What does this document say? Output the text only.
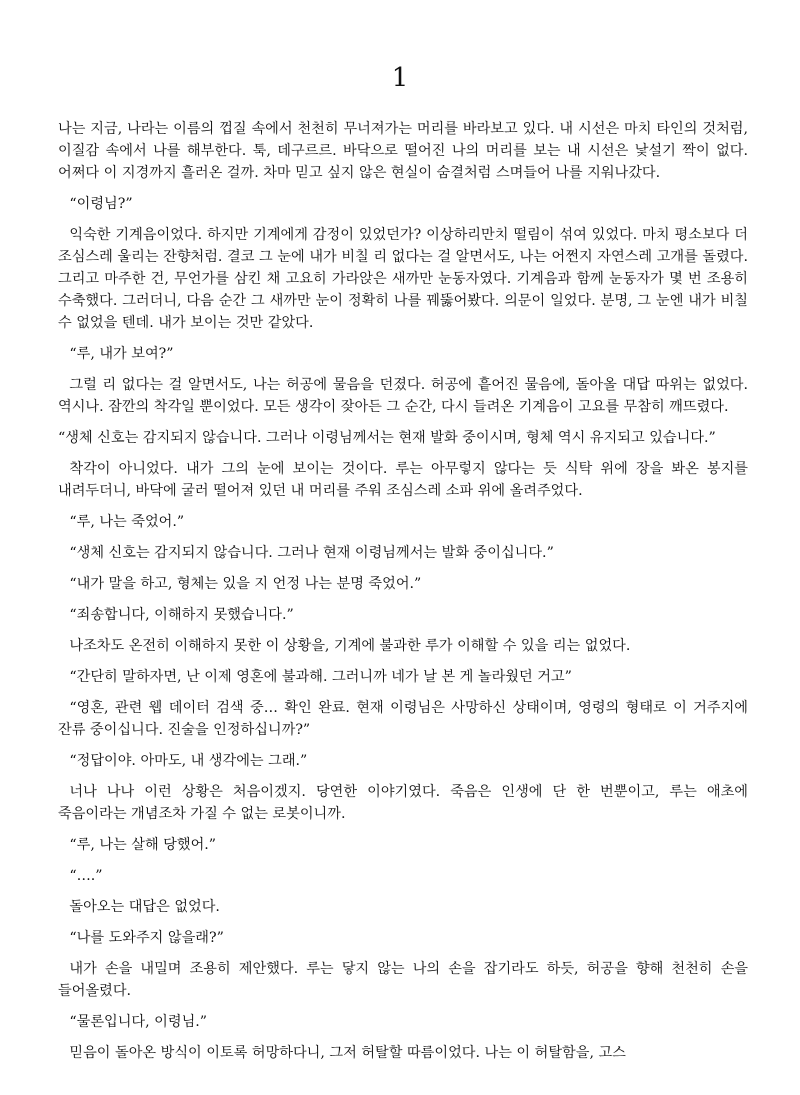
1

나는 지금, 나라는 이름의 껍질 속에서 천천히 무너져가는 머리를 바라보고 있다. 내 시선은 마치 타인의 것처럼, 이질감 속에서 나를 해부한다. 툭, 데구르르. 바닥으로 떨어진 나의 머리를 보는 내 시선은 낯설기 짝이 없다. 어쩌다 이 지경까지 흘러온 걸까. 차마 믿고 싶지 않은 현실이 숨결처럼 스며들어 나를 지워나갔다.

“이령님?”

익숙한 기계음이었다. 하지만 기계에게 감정이 있었던가? 이상하리만치 떨림이 섞여 있었다. 마치 평소보다 더 조심스레 울리는 잔향처럼. 결코 그 눈에 내가 비칠 리 없다는 걸 알면서도, 나는 어쩐지 자연스레 고개를 돌렸다. 그리고 마주한 건, 무언가를 삼킨 채 고요히 가라앉은 새까만 눈동자였다. 기계음과 함께 눈동자가 몇 번 조용히 수축했다. 그러더니, 다음 순간 그 새까만 눈이 정확히 나를 꿰뚫어봤다. 의문이 일었다. 분명, 그 눈엔 내가 비칠 수 없었을 텐데. 내가 보이는 것만 같았다.

“루, 내가 보여?”

그럴 리 없다는 걸 알면서도, 나는 허공에 물음을 던졌다. 허공에 흩어진 물음에, 돌아올 대답 따위는 없었다. 역시나. 잠깐의 착각일 뿐이었다. 모든 생각이 잦아든 그 순간, 다시 들려온 기계음이 고요를 무참히 깨뜨렸다.

“생체 신호는 감지되지 않습니다. 그러나 이령님께서는 현재 발화 중이시며, 형체 역시 유지되고 있습니다.”

착각이 아니었다. 내가 그의 눈에 보이는 것이다. 루는 아무렇지 않다는 듯 식탁 위에 장을 봐온 봉지를 내려두더니, 바닥에 굴러 떨어져 있던 내 머리를 주워 조심스레 소파 위에 올려주었다.

“루, 나는 죽었어.”

“생체 신호는 감지되지 않습니다. 그러나 현재 이령님께서는 발화 중이십니다.”

“내가 말을 하고, 형체는 있을 지 언정 나는 분명 죽었어.”

“죄송합니다, 이해하지 못했습니다.”

나조차도 온전히 이해하지 못한 이 상황을, 기계에 불과한 루가 이해할 수 있을 리는 없었다.

“간단히 말하자면, 난 이제 영혼에 불과해. 그러니까 네가 날 본 게 놀라웠던 거고”

“영혼, 관련 웹 데이터 검색 중… 확인 완료. 현재 이령님은 사망하신 상태이며, 영령의 형태로 이 거주지에 잔류 중이십니다. 진술을 인정하십니까?”

“정답이야. 아마도, 내 생각에는 그래.”

너나 나나 이런 상황은 처음이겠지. 당연한 이야기였다. 죽음은 인생에 단 한 번뿐이고, 루는 애초에 죽음이라는 개념조차 가질 수 없는 로봇이니까.

“루, 나는 살해 당했어.”

“….”

돌아오는 대답은 없었다.

“나를 도와주지 않을래?”

내가 손을 내밀며 조용히 제안했다. 루는 닿지 않는 나의 손을 잡기라도 하듯, 허공을 향해 천천히 손을 들어올렸다.

“물론입니다, 이령님.”

믿음이 돌아온 방식이 이토록 허망하다니, 그저 허탈할 따름이었다. 나는 이 허탈함을, 고스
